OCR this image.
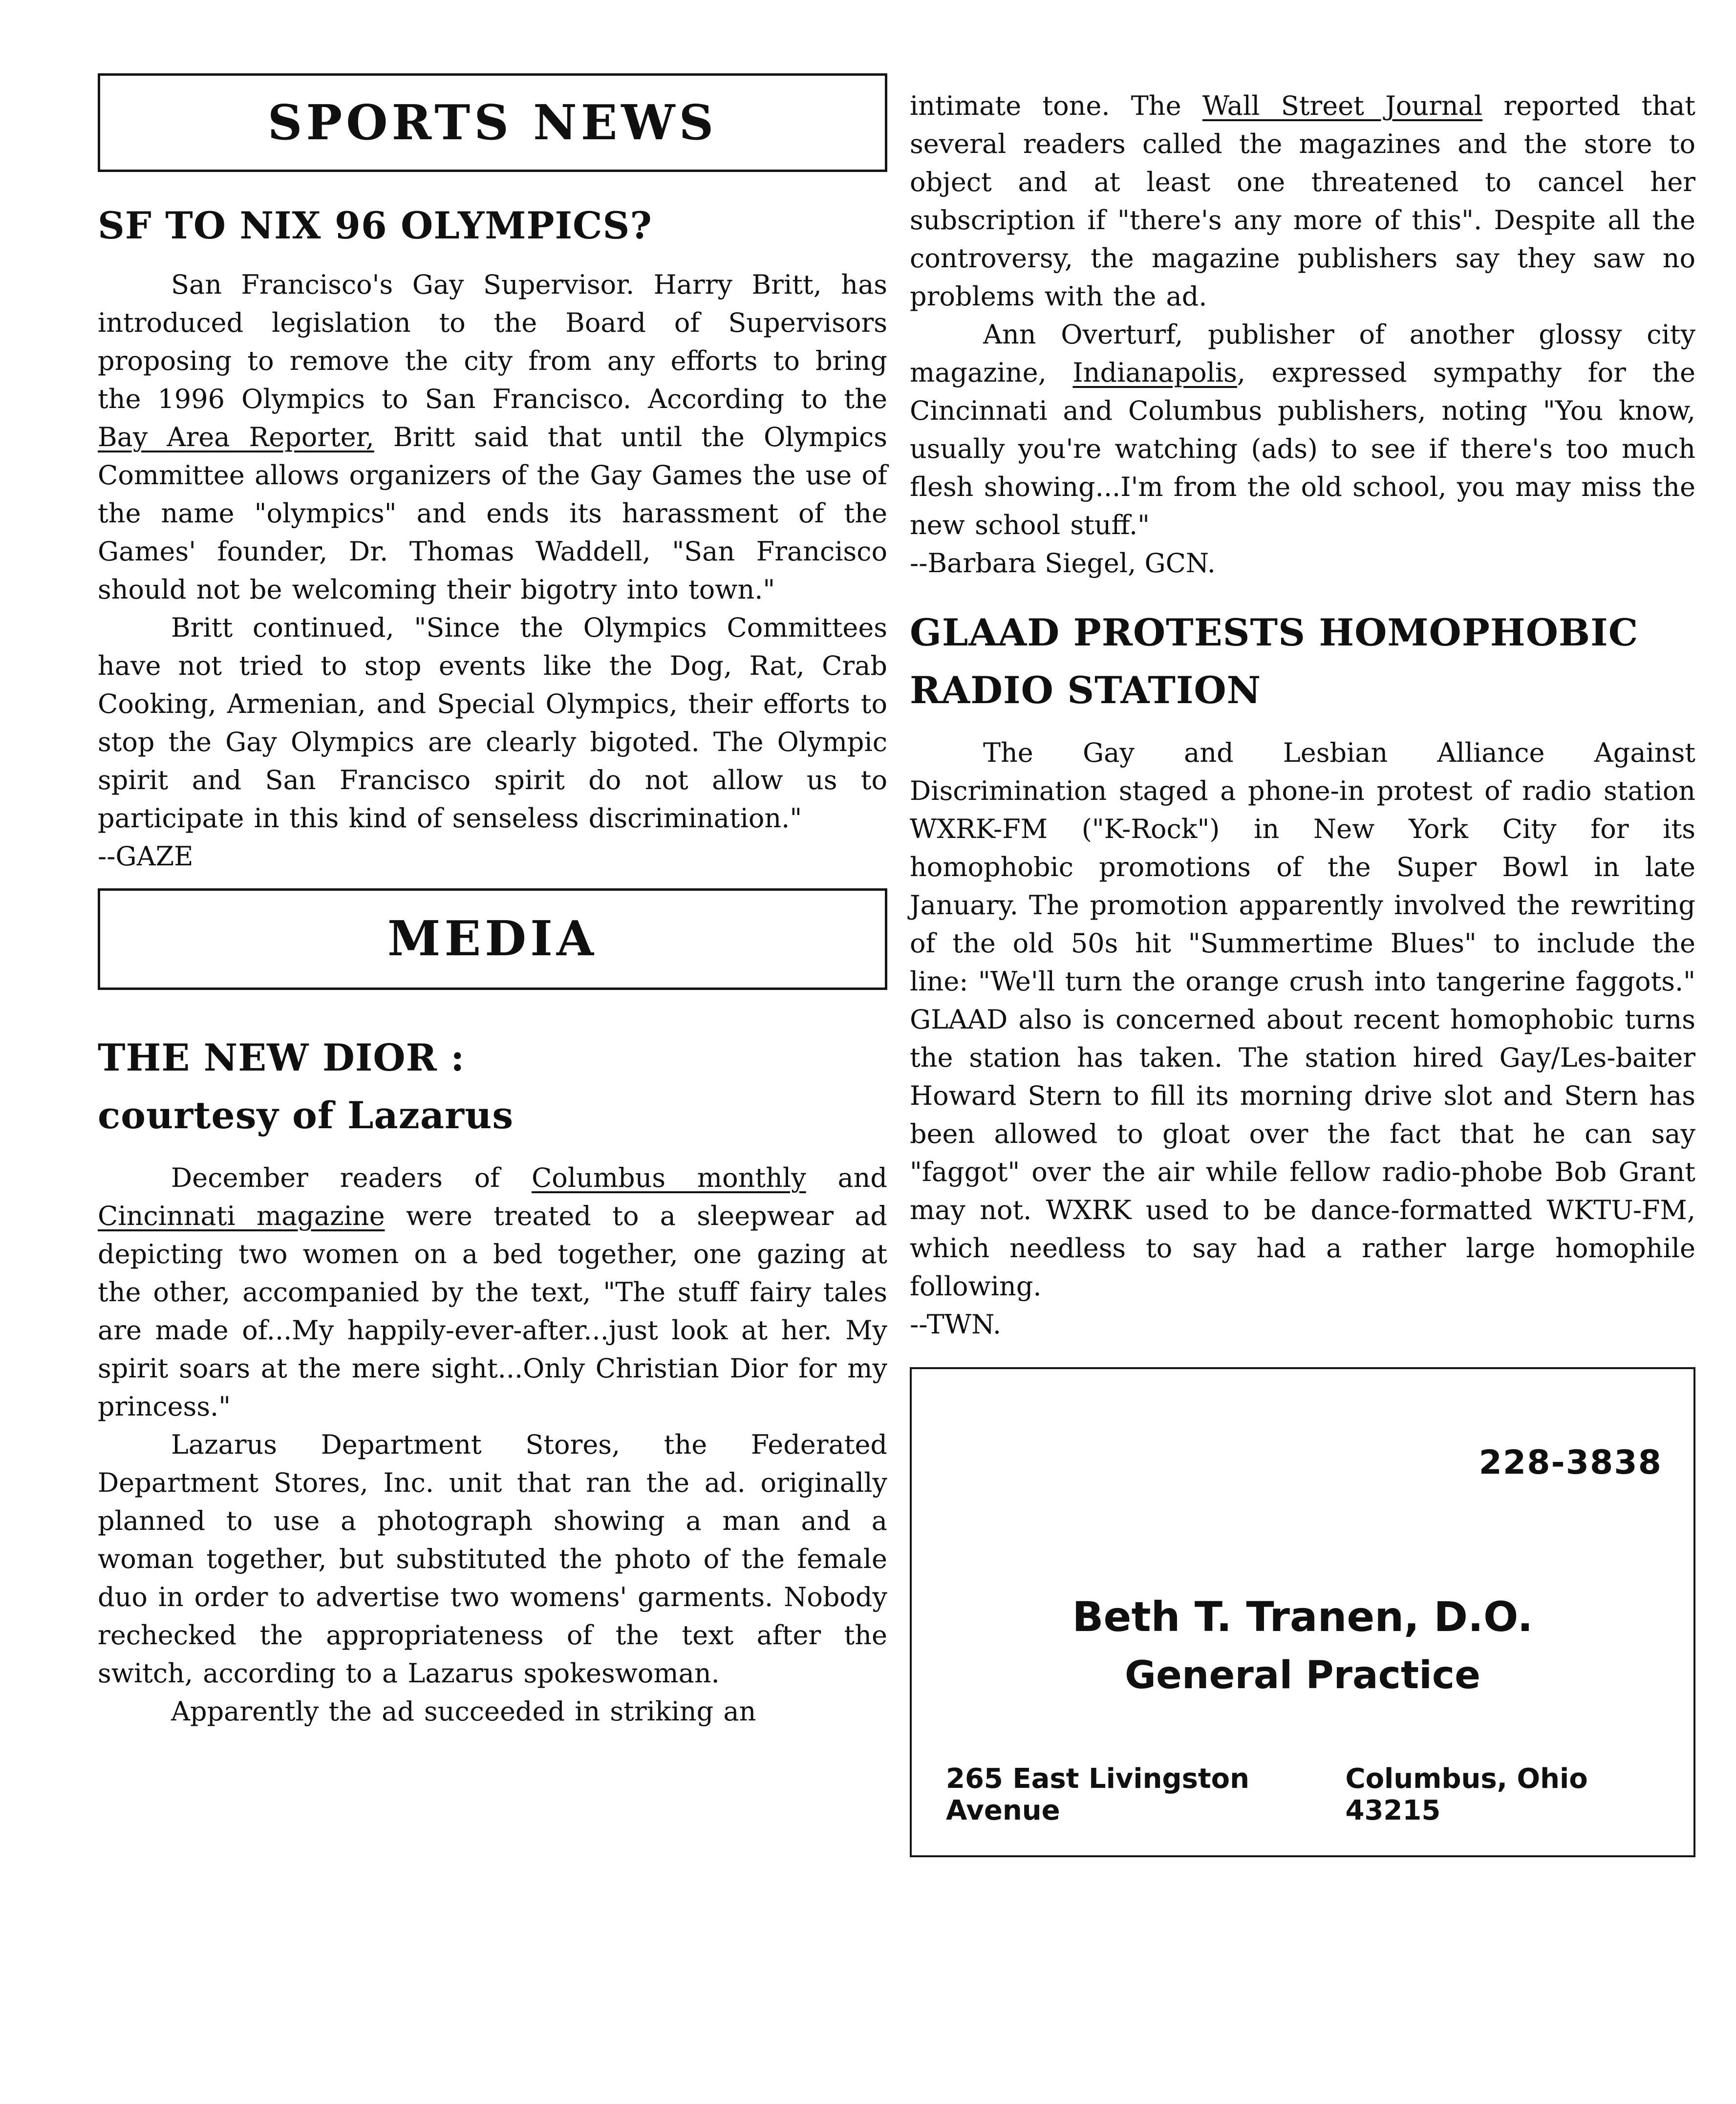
SPORTS NEWS
SF TO NIX 96 OLYMPICS?

San Francisco's Gay Supervisor. Harry Britt, has introduced legislation to the Board of Supervisors proposing to remove the city from any efforts to bring the 1996 Olympics to San Francisco. According to the Bay Area Reporter, Britt said that until the Olympics Committee allows organizers of the Gay Games the use of the name "olympics" and ends its harassment of the Games' founder, Dr. Thomas Waddell, "San Francisco should not be welcoming their bigotry into town."

Britt continued, "Since the Olympics Committees have not tried to stop events like the Dog, Rat, Crab Cooking, Armenian, and Special Olympics, their efforts to stop the Gay Olympics are clearly bigoted. The Olympic spirit and San Francisco spirit do not allow us to participate in this kind of senseless discrimination."

--GAZE

MEDIA
THE NEW DIOR :
courtesy of Lazarus

December readers of Columbus monthly and Cincinnati magazine were treated to a sleepwear ad depicting two women on a bed together, one gazing at the other, accompanied by the text, "The stuff fairy tales are made of...My happily-ever-after...just look at her. My spirit soars at the mere sight...Only Christian Dior for my princess."

Lazarus Department Stores, the Federated Department Stores, Inc. unit that ran the ad. originally planned to use a photograph showing a man and a woman together, but substituted the photo of the female duo in order to advertise two womens' garments. Nobody rechecked the appropriateness of the text after the switch, according to a Lazarus spokeswoman.

Apparently the ad succeeded in striking an

intimate tone. The Wall Street Journal reported that several readers called the magazines and the store to object and at least one threatened to cancel her subscription if "there's any more of this". Despite all the controversy, the magazine publishers say they saw no problems with the ad.

Ann Overturf, publisher of another glossy city magazine, Indianapolis, expressed sympathy for the Cincinnati and Columbus publishers, noting "You know, usually you're watching (ads) to see if there's too much flesh showing...I'm from the old school, you may miss the new school stuff."

--Barbara Siegel, GCN.

GLAAD PROTESTS HOMOPHOBIC
RADIO STATION

The Gay and Lesbian Alliance Against Discrimination staged a phone-in protest of radio station WXRK-FM ("K-Rock") in New York City for its homophobic promotions of the Super Bowl in late January. The promotion apparently involved the rewriting of the old 50s hit "Summertime Blues" to include the line: "We'll turn the orange crush into tangerine faggots." GLAAD also is concerned about recent homophobic turns the station has taken. The station hired Gay/Les-baiter Howard Stern to fill its morning drive slot and Stern has been allowed to gloat over the fact that he can say "faggot" over the air while fellow radio-phobe Bob Grant may not. WXRK used to be dance-formatted WKTU-FM, which needless to say had a rather large homophile following.

--TWN.

228-3838
Beth T. Tranen, D.O.
General Practice
265 East Livingston Avenue
Columbus, Ohio 43215
